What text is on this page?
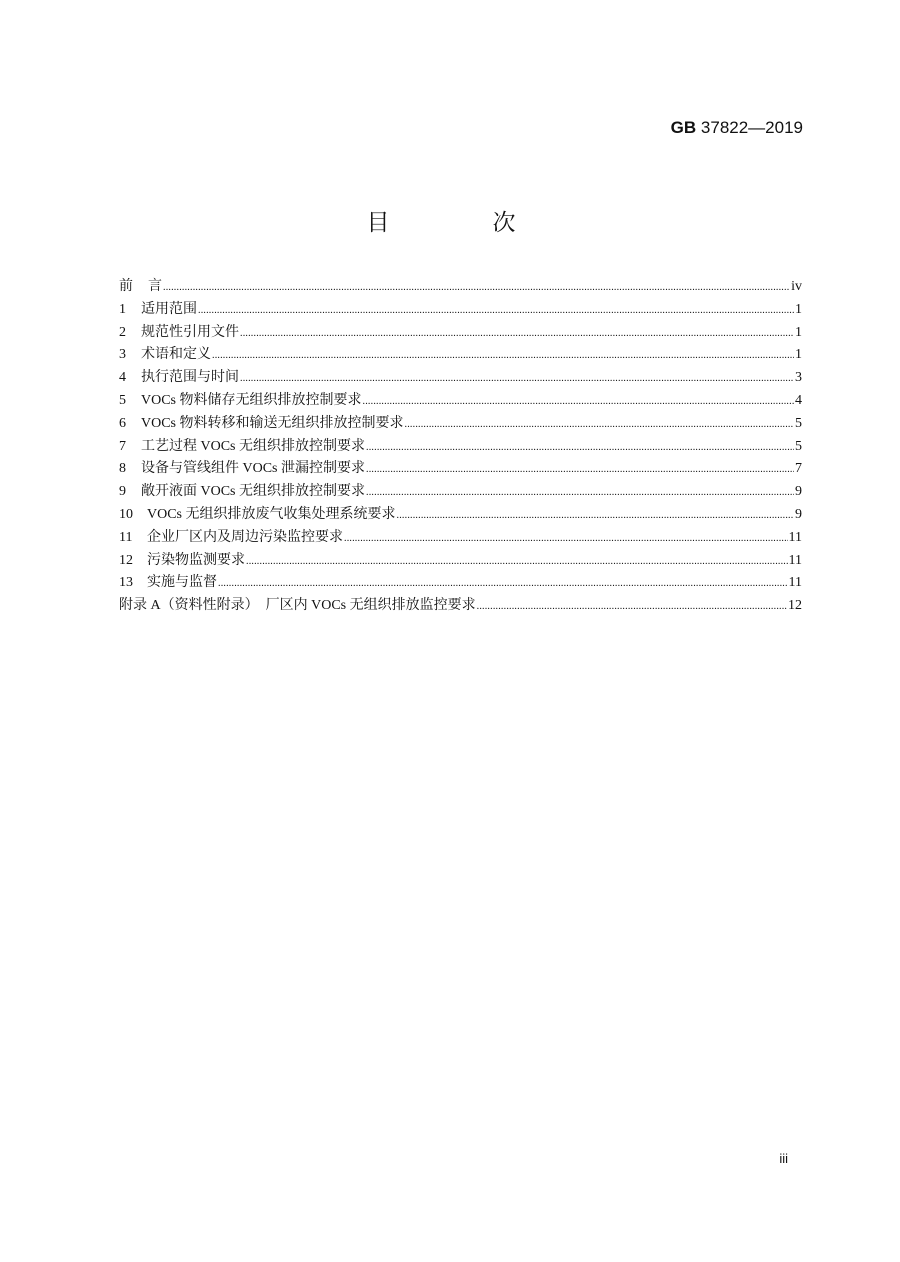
GB 37822—2019
目　次
前	言 .....	iv
1	适用范围 .....	1
2	规范性引用文件 .....	1
3	术语和定义 .....	1
4	执行范围与时间 .....	3
5	VOCs 物料储存无组织排放控制要求 .....	4
6	VOCs 物料转移和输送无组织排放控制要求 .....	5
7	工艺过程 VOCs 无组织排放控制要求 .....	5
8	设备与管线组件 VOCs 泄漏控制要求 .....	7
9	敞开液面 VOCs 无组织排放控制要求 .....	9
10	VOCs 无组织排放废气收集处理系统要求 .....	9
11	企业厂区内及周边污染监控要求 .....	11
12	污染物监测要求 .....	11
13	实施与监督 .....	11
附录 A（资料性附录）　厂区内 VOCs 无组织排放监控要求 .....	12
iii
